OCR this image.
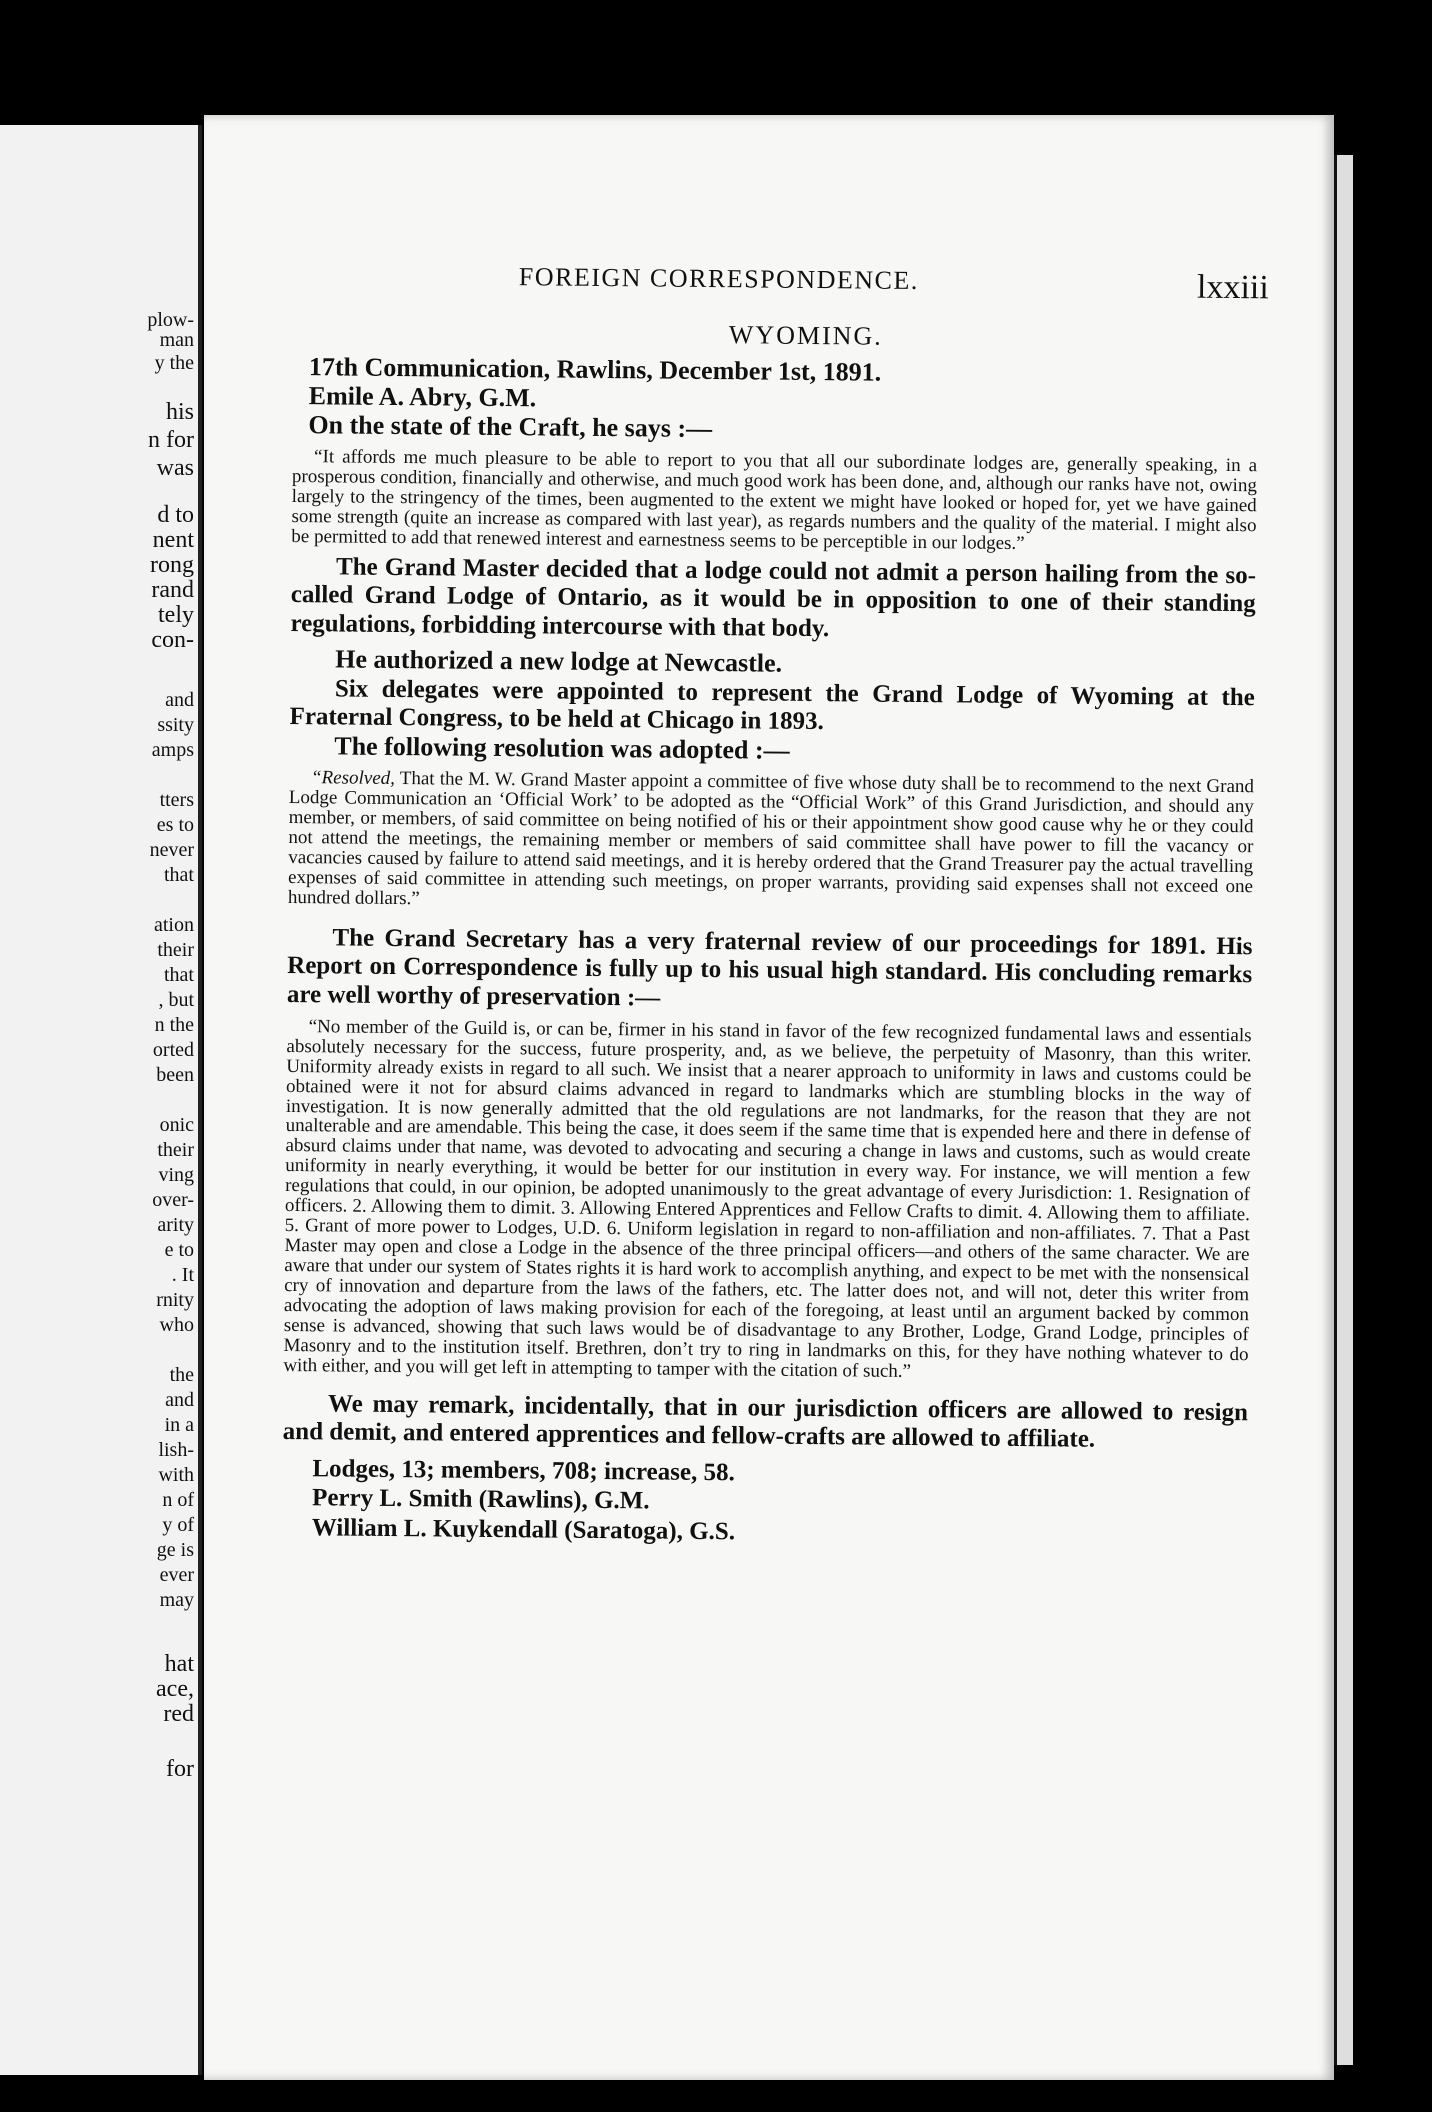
plow-
man
y the
his
n for
was
d to
nent
rong
rand
tely
con-
and
ssity
amps
tters
es to
never
that
ation
their
that
, but
n the
orted
been
onic
their
ving
over-
arity
e to
. It
rnity
who
the
and
in a
lish-
with
n of
y of
ge is
ever
may
hat
ace,
red
for
FOREIGN CORRESPONDENCE.	lxxiii
WYOMING.

17th Communication, Rawlins, December 1st, 1891.

Emile A. Abry, G.M.

On the state of the Craft, he says :—

“It affords me much pleasure to be able to report to you that all our subordinate lodges are, generally speaking, in a prosperous condition, financially and otherwise, and much good work has been done, and, although our ranks have not, owing largely to the stringency of the times, been augmented to the extent we might have looked or hoped for, yet we have gained some strength (quite an increase as compared with last year), as regards numbers and the quality of the material. I might also be permitted to add that renewed interest and earnestness seems to be perceptible in our lodges.”

The Grand Master decided that a lodge could not admit a person hailing from the so-called Grand Lodge of Ontario, as it would be in opposition to one of their standing regulations, forbidding intercourse with that body.

He authorized a new lodge at Newcastle.

Six delegates were appointed to represent the Grand Lodge of Wyoming at the Fraternal Congress, to be held at Chicago in 1893.

The following resolution was adopted :—

“Resolved, That the M. W. Grand Master appoint a committee of five whose duty shall be to recommend to the next Grand Lodge Communication an ‘Official Work’ to be adopted as the “Official Work” of this Grand Jurisdiction, and should any member, or members, of said committee on being notified of his or their appointment show good cause why he or they could not attend the meetings, the remaining member or members of said committee shall have power to fill the vacancy or vacancies caused by failure to attend said meetings, and it is hereby ordered that the Grand Treasurer pay the actual travelling expenses of said committee in attending such meetings, on proper warrants, providing said expenses shall not exceed one hundred dollars.”

The Grand Secretary has a very fraternal review of our proceedings for 1891. His Report on Correspondence is fully up to his usual high standard. His concluding remarks are well worthy of preservation :—

“No member of the Guild is, or can be, firmer in his stand in favor of the few recognized fundamental laws and essentials absolutely necessary for the success, future prosperity, and, as we believe, the perpetuity of Masonry, than this writer. Uniformity already exists in regard to all such. We insist that a nearer approach to uniformity in laws and customs could be obtained were it not for absurd claims advanced in regard to landmarks which are stumbling blocks in the way of investigation. It is now generally admitted that the old regulations are not landmarks, for the reason that they are not unalterable and are amendable. This being the case, it does seem if the same time that is expended here and there in defense of absurd claims under that name, was devoted to advocating and securing a change in laws and customs, such as would create uniformity in nearly everything, it would be better for our institution in every way. For instance, we will mention a few regulations that could, in our opinion, be adopted unanimously to the great advantage of every Jurisdiction: 1. Resignation of officers. 2. Allowing them to dimit. 3. Allowing Entered Apprentices and Fellow Crafts to dimit. 4. Allowing them to affiliate. 5. Grant of more power to Lodges, U.D. 6. Uniform legislation in regard to non-affiliation and non-affiliates. 7. That a Past Master may open and close a Lodge in the absence of the three principal officers—and others of the same character. We are aware that under our system of States rights it is hard work to accomplish anything, and expect to be met with the nonsensical cry of innovation and departure from the laws of the fathers, etc. The latter does not, and will not, deter this writer from advocating the adoption of laws making provision for each of the foregoing, at least until an argument backed by common sense is advanced, showing that such laws would be of disadvantage to any Brother, Lodge, Grand Lodge, principles of Masonry and to the institution itself. Brethren, don’t try to ring in landmarks on this, for they have nothing whatever to do with either, and you will get left in attempting to tamper with the citation of such.”

We may remark, incidentally, that in our jurisdiction officers are allowed to resign and demit, and entered apprentices and fellow-crafts are allowed to affiliate.

Lodges, 13; members, 708; increase, 58.
Perry L. Smith (Rawlins), G.M.
William L. Kuykendall (Saratoga), G.S.
